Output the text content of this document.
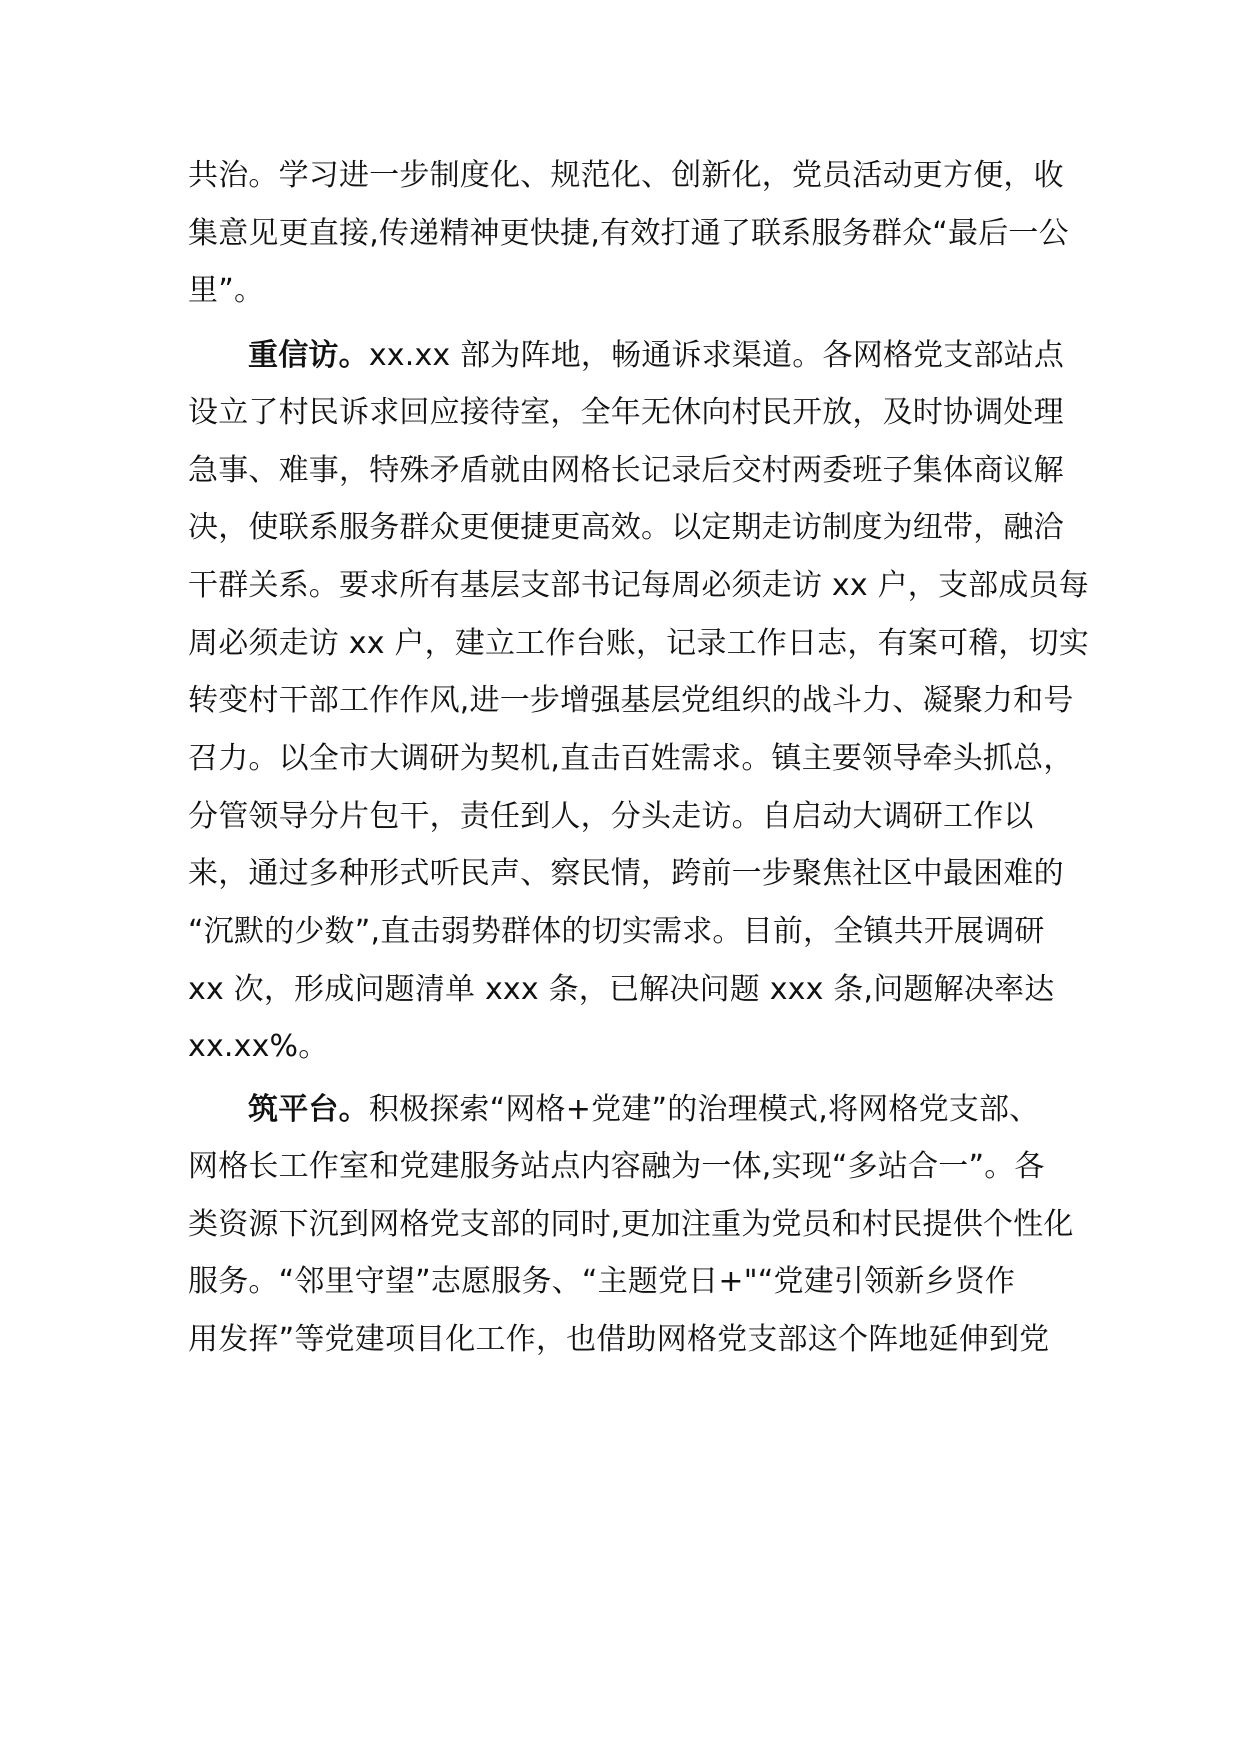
共治。学习进一步制度化、规范化、创新化，党员活动更方便，收
集意见更直接,传递精神更快捷,有效打通了联系服务群众“最后一公
里”。
重信访。xx.xx 部为阵地，畅通诉求渠道。各网格党支部站点
设立了村民诉求回应接待室，全年无休向村民开放，及时协调处理
急事、难事，特殊矛盾就由网格长记录后交村两委班子集体商议解
决，使联系服务群众更便捷更高效。以定期走访制度为纽带，融洽
干群关系。要求所有基层支部书记每周必须走访 xx 户，支部成员每
周必须走访 xx 户，建立工作台账，记录工作日志，有案可稽，切实
转变村干部工作作风,进一步增强基层党组织的战斗力、凝聚力和号
召力。以全市大调研为契机,直击百姓需求。镇主要领导牵头抓总，
分管领导分片包干，责任到人，分头走访。自启动大调研工作以
来，通过多种形式听民声、察民情，跨前一步聚焦社区中最困难的
“沉默的少数”,直击弱势群体的切实需求。目前，全镇共开展调研
xx 次，形成问题清单 xxx 条，已解决问题 xxx 条,问题解决率达
xx.xx%。
筑平台。积极探索“网格+党建”的治理模式,将网格党支部、
网格长工作室和党建服务站点内容融为一体,实现“多站合一”。各
类资源下沉到网格党支部的同时,更加注重为党员和村民提供个性化
服务。“邻里守望”志愿服务、“主题党日+"“党建引领新乡贤作
用发挥”等党建项目化工作，也借助网格党支部这个阵地延伸到党
